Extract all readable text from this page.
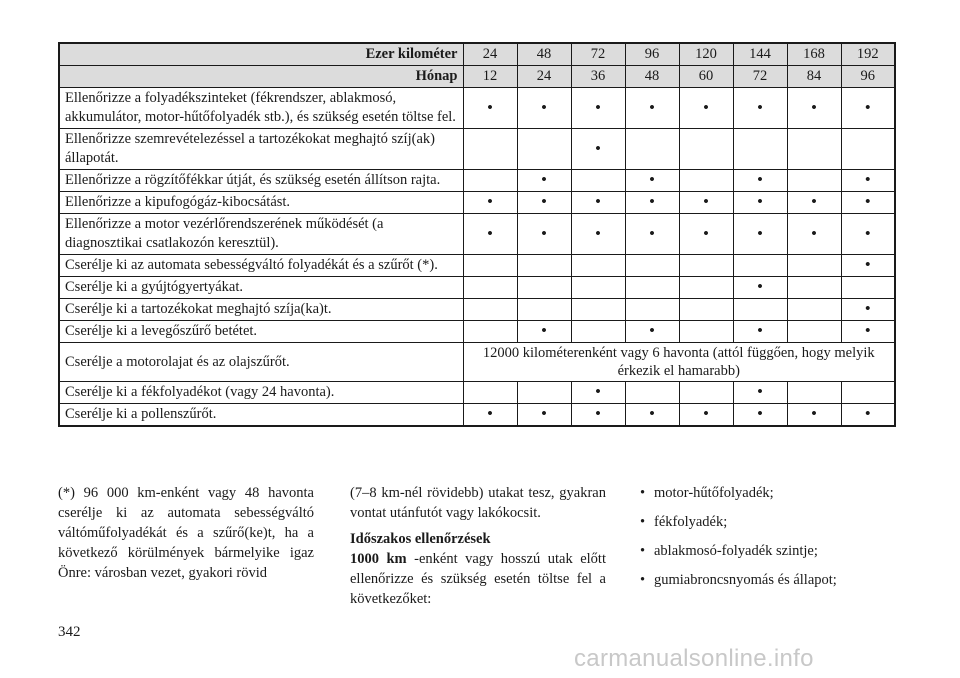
Ezer kilométer	24	48	72	96	120	144	168	192
Hónap	12	24	36	48	60	72	84	96
Ellenőrizze a folyadékszinteket (fékrendszer, ablakmosó, akkumulátor, motor-hűtőfolyadék stb.), és szükség esetén töltse fel.	•	•	•	•	•	•	•	•
Ellenőrizze szemrevételezéssel a tartozékokat meghajtó szíj(ak) állapotát.			•					
Ellenőrizze a rögzítőfékkar útját, és szükség esetén állítson rajta.		•		•		•		•
Ellenőrizze a kipufogógáz-kibocsátást.	•	•	•	•	•	•	•	•
Ellenőrizze a motor vezérlőrendszerének működését (a diagnosztikai csatlakozón keresztül).	•	•	•	•	•	•	•	•
Cserélje ki az automata sebességváltó folyadékát és a szűrőt (*).								•
Cserélje ki a gyújtógyertyákat.						•		
Cserélje ki a tartozékokat meghajtó szíja(ka)t.								•
Cserélje ki a levegőszűrő betétet.		•		•		•		•
Cserélje a motorolajat és az olajszűrőt.	12000 kilométerenként vagy 6 havonta (attól függően, hogy melyik érkezik el hamarabb)							
Cserélje ki a fékfolyadékot (vagy 24 havonta).			•			•		
Cserélje ki a pollenszűrőt.	•	•	•	•	•	•	•	•

(*) 96 000 km-enként vagy 48 havonta cserélje ki az automata sebességváltó váltóműfolyadékát és a szűrő(ke)t, ha a következő körülmények bármelyike igaz Önre: városban vezet, gyakori rövid

(7–8 km-nél rövidebb) utakat tesz, gyakran vontat utánfutót vagy lakókocsit.

Időszakos ellenőrzések

1000 km -enként vagy hosszú utak előtt ellenőrizze és szükség esetén töltse fel a következőket:

• motor-hűtőfolyadék;
• fékfolyadék;
• ablakmosó-folyadék szintje;
• gumiabroncsnyomás és állapot;
342
carmanualsonline.info
